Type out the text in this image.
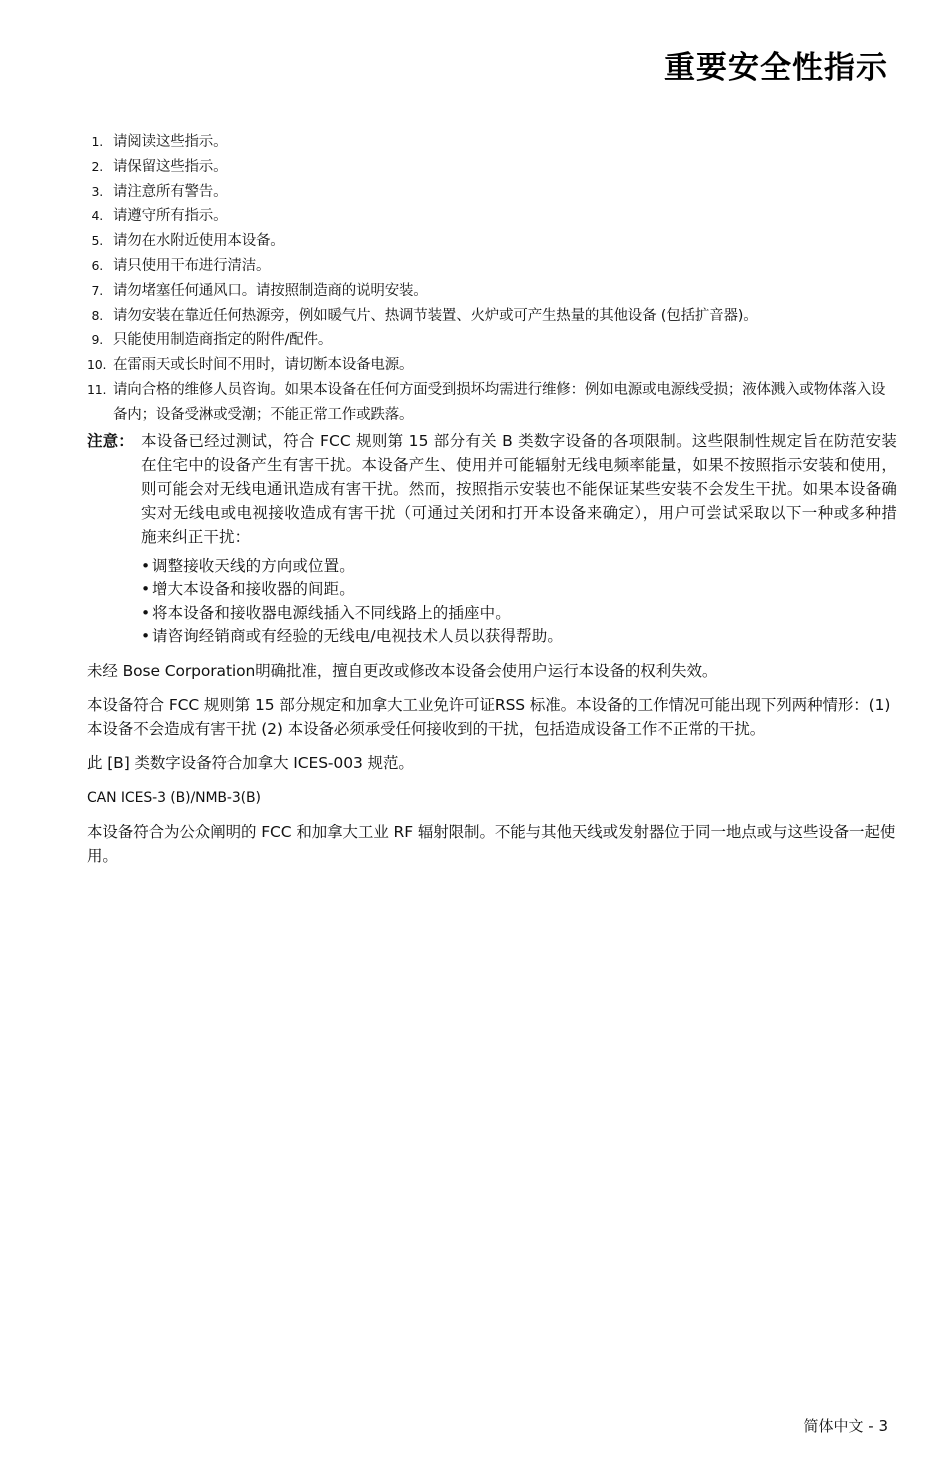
重要安全性指示
1. 请阅读这些指示。
2. 请保留这些指示。
3. 请注意所有警告。
4. 请遵守所有指示。
5. 请勿在水附近使用本设备。
6. 请只使用干布进行清洁。
7. 请勿堵塞任何通风口。请按照制造商的说明安装。
8. 请勿安装在靠近任何热源旁，例如暖气片、热调节装置、火炉或可产生热量的其他设备 (包括扩音器)。
9. 只能使用制造商指定的附件/配件。
10. 在雷雨天或长时间不用时，请切断本设备电源。
11. 请向合格的维修人员咨询。如果本设备在任何方面受到损坏均需进行维修：例如电源或电源线受损；液体溅入或物体落入设备内；设备受淋或受潮；不能正常工作或跌落。
注意： 本设备已经过测试，符合 FCC 规则第 15 部分有关 B 类数字设备的各项限制。这些限制性规定旨在防范安装在住宅中的设备产生有害干扰。本设备产生、使用并可能辐射无线电频率能量，如果不按照指示安装和使用，则可能会对无线电通讯造成有害干扰。然而，按照指示安装也不能保证某些安装不会发生干扰。如果本设备确实对无线电或电视接收造成有害干扰（可通过关闭和打开本设备来确定），用户可尝试采取以下一种或多种措施来纠正干扰：
• 调整接收天线的方向或位置。
• 增大本设备和接收器的间距。
• 将本设备和接收器电源线插入不同线路上的插座中。
• 请咨询经销商或有经验的无线电/电视技术人员以获得帮助。

未经 Bose Corporation明确批准，擅自更改或修改本设备会使用户运行本设备的权利失效。

本设备符合 FCC 规则第 15 部分规定和加拿大工业免许可证RSS 标准。本设备的工作情况可能出现下列两种情形：(1) 本设备不会造成有害干扰 (2) 本设备必须承受任何接收到的干扰，包括造成设备工作不正常的干扰。

此 [B] 类数字设备符合加拿大 ICES-003 规范。

CAN ICES-3 (B)/NMB-3(B)

本设备符合为公众阐明的 FCC 和加拿大工业 RF 辐射限制。不能与其他天线或发射器位于同一地点或与这些设备一起使用。

简体中文 - 3
